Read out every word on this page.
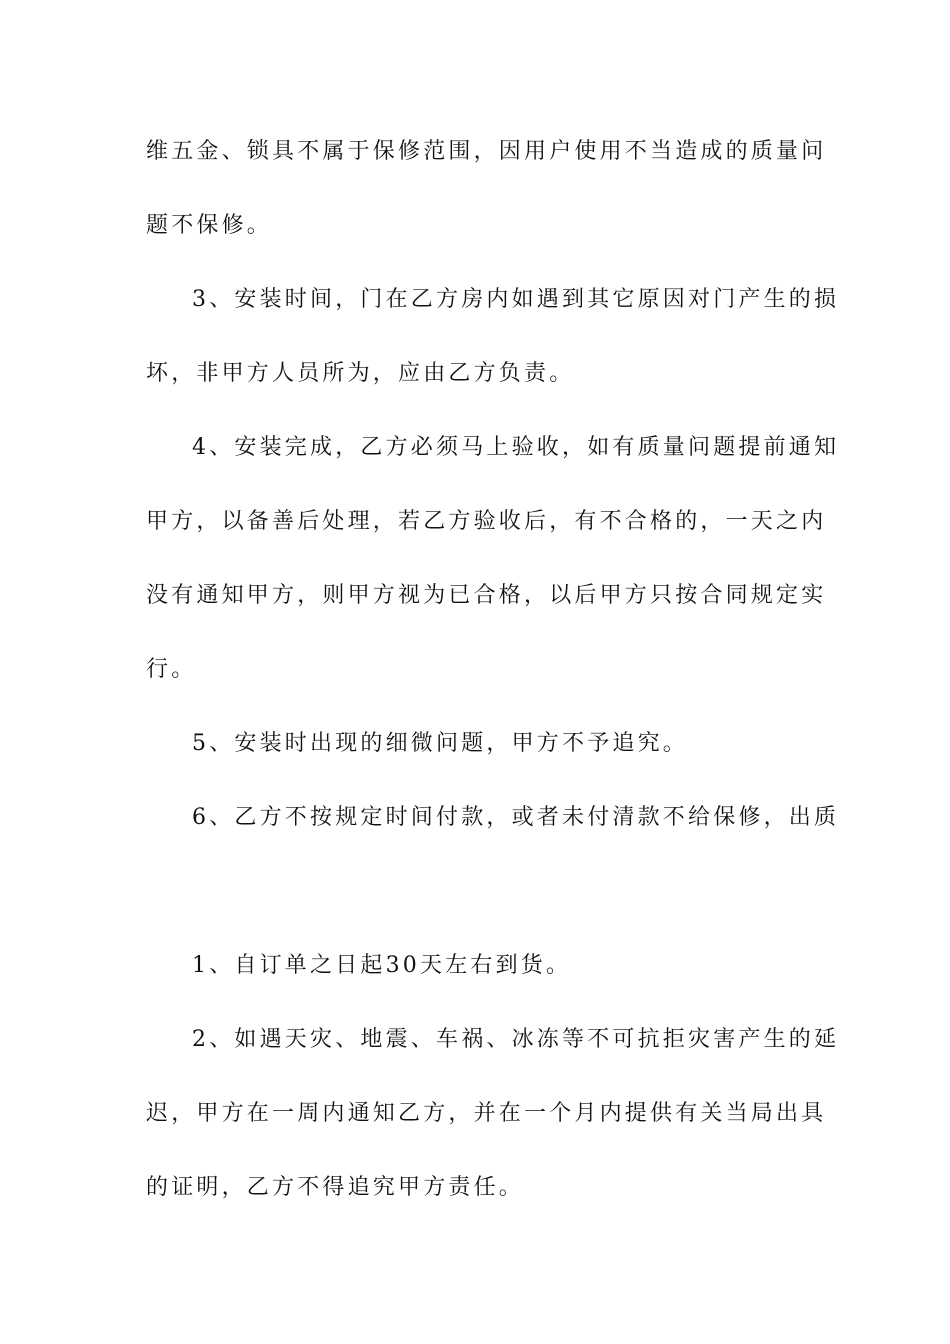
维五金、锁具不属于保修范围，因用户使用不当造成的质量问
题不保修。
3、安装时间，门在乙方房内如遇到其它原因对门产生的损
坏，非甲方人员所为，应由乙方负责。
4、安装完成，乙方必须马上验收，如有质量问题提前通知
甲方，以备善后处理，若乙方验收后，有不合格的，一天之内
没有通知甲方，则甲方视为已合格，以后甲方只按合同规定实
行。
5、安装时出现的细微问题，甲方不予追究。
6、乙方不按规定时间付款，或者未付清款不给保修，出质
1、自订单之日起30天左右到货。
2、如遇天灾、地震、车祸、冰冻等不可抗拒灾害产生的延
迟，甲方在一周内通知乙方，并在一个月内提供有关当局出具
的证明，乙方不得追究甲方责任。
